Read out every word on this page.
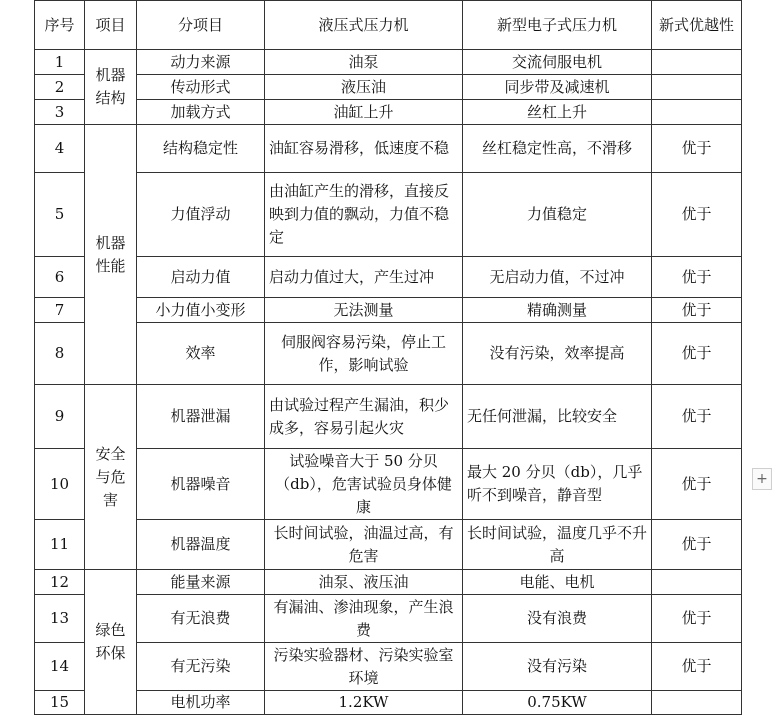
序号	项目	分项目	液压式压力机	新型电子式压力机	新式优越性
1	机器结构	动力来源	油泵	交流伺服电机	
2		传动形式	液压油	同步带及减速机	
3		加载方式	油缸上升	丝杠上升	
4	机器性能	结构稳定性	油缸容易滑移，低速度不稳	丝杠稳定性高，不滑移	优于
5		力值浮动	由油缸产生的滑移，直接反映到力值的飘动，力值不稳定	力值稳定	优于
6		启动力值	启动力值过大，产生过冲	无启动力值，不过冲	优于
7		小力值小变形	无法测量	精确测量	优于
8		效率	伺服阀容易污染，停止工作，影响试验	没有污染，效率提高	优于
9	安全与危害	机器泄漏	由试验过程产生漏油，积少成多，容易引起火灾	无任何泄漏，比较安全	优于
10		机器噪音	试验噪音大于 50 分贝（db），危害试验员身体健康	最大 20 分贝（db），几乎听不到噪音，静音型	优于
11		机器温度	长时间试验，油温过高，有危害	长时间试验，温度几乎不升高	优于
12	绿色环保	能量来源	油泵、液压油	电能、电机	
13		有无浪费	有漏油、渗油现象，产生浪费	没有浪费	优于
14		有无污染	污染实验器材、污染实验室环境	没有污染	优于
15		电机功率	1.2KW	0.75KW	
+
